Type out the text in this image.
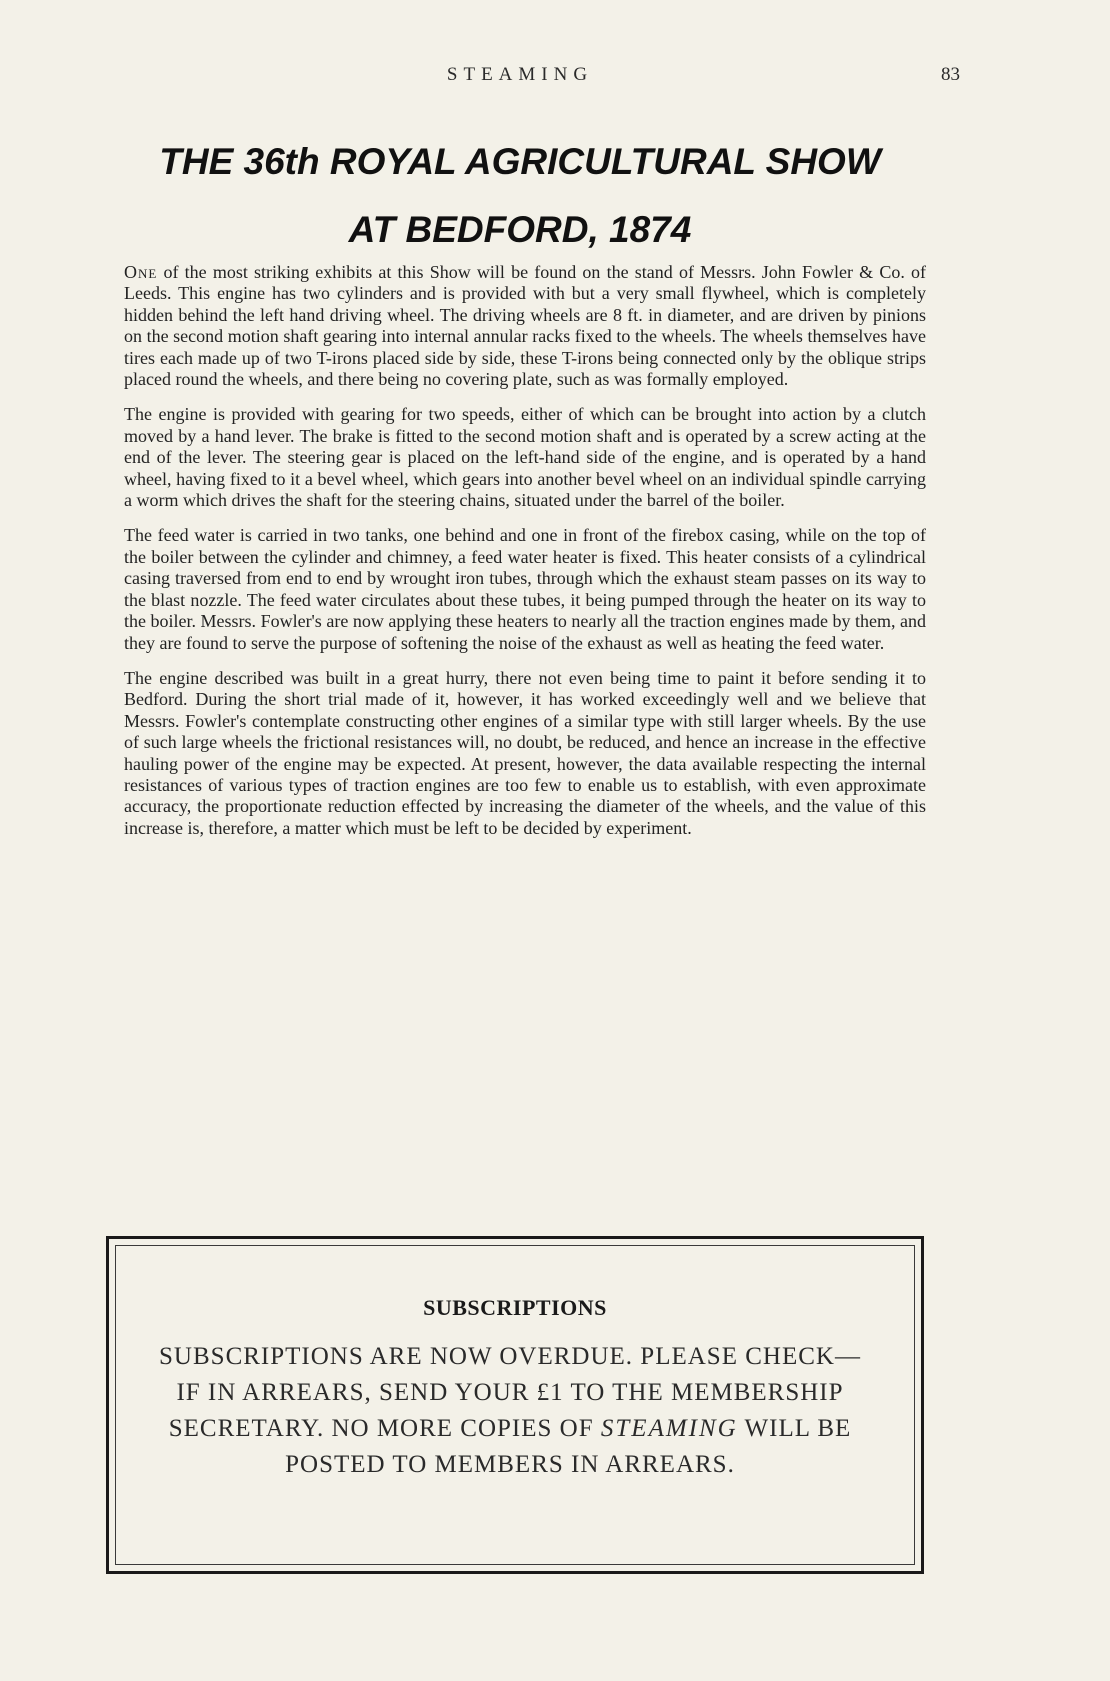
STEAMING	83
THE 36th ROYAL AGRICULTURAL SHOW
AT BEDFORD, 1874

One of the most striking exhibits at this Show will be found on the stand of Messrs. John Fowler & Co. of Leeds. This engine has two cylinders and is provided with but a very small flywheel, which is completely hidden behind the left hand driving wheel. The driving wheels are 8 ft. in diameter, and are driven by pinions on the second motion shaft gearing into internal annular racks fixed to the wheels. The wheels themselves have tires each made up of two T-irons placed side by side, these T-irons being connected only by the oblique strips placed round the wheels, and there being no covering plate, such as was formally employed.

The engine is provided with gearing for two speeds, either of which can be brought into action by a clutch moved by a hand lever. The brake is fitted to the second motion shaft and is operated by a screw acting at the end of the lever. The steering gear is placed on the left-hand side of the engine, and is operated by a hand wheel, having fixed to it a bevel wheel, which gears into another bevel wheel on an individual spindle carrying a worm which drives the shaft for the steering chains, situated under the barrel of the boiler.

The feed water is carried in two tanks, one behind and one in front of the firebox casing, while on the top of the boiler between the cylinder and chimney, a feed water heater is fixed. This heater consists of a cylindrical casing traversed from end to end by wrought iron tubes, through which the exhaust steam passes on its way to the blast nozzle. The feed water circulates about these tubes, it being pumped through the heater on its way to the boiler. Messrs. Fowler's are now applying these heaters to nearly all the traction engines made by them, and they are found to serve the purpose of softening the noise of the exhaust as well as heating the feed water.

The engine described was built in a great hurry, there not even being time to paint it before sending it to Bedford. During the short trial made of it, however, it has worked exceedingly well and we believe that Messrs. Fowler's contemplate constructing other engines of a similar type with still larger wheels. By the use of such large wheels the frictional resistances will, no doubt, be reduced, and hence an increase in the effective hauling power of the engine may be expected. At present, however, the data available respecting the internal resistances of various types of traction engines are too few to enable us to establish, with even approximate accuracy, the proportionate reduction effected by increasing the diameter of the wheels, and the value of this increase is, therefore, a matter which must be left to be decided by experiment.

SUBSCRIPTIONS
SUBSCRIPTIONS ARE NOW OVERDUE. PLEASE CHECK—IF IN ARREARS, SEND YOUR £1 TO THE MEMBERSHIP SECRETARY. NO MORE COPIES OF STEAMING WILL BE POSTED TO MEMBERS IN ARREARS.
